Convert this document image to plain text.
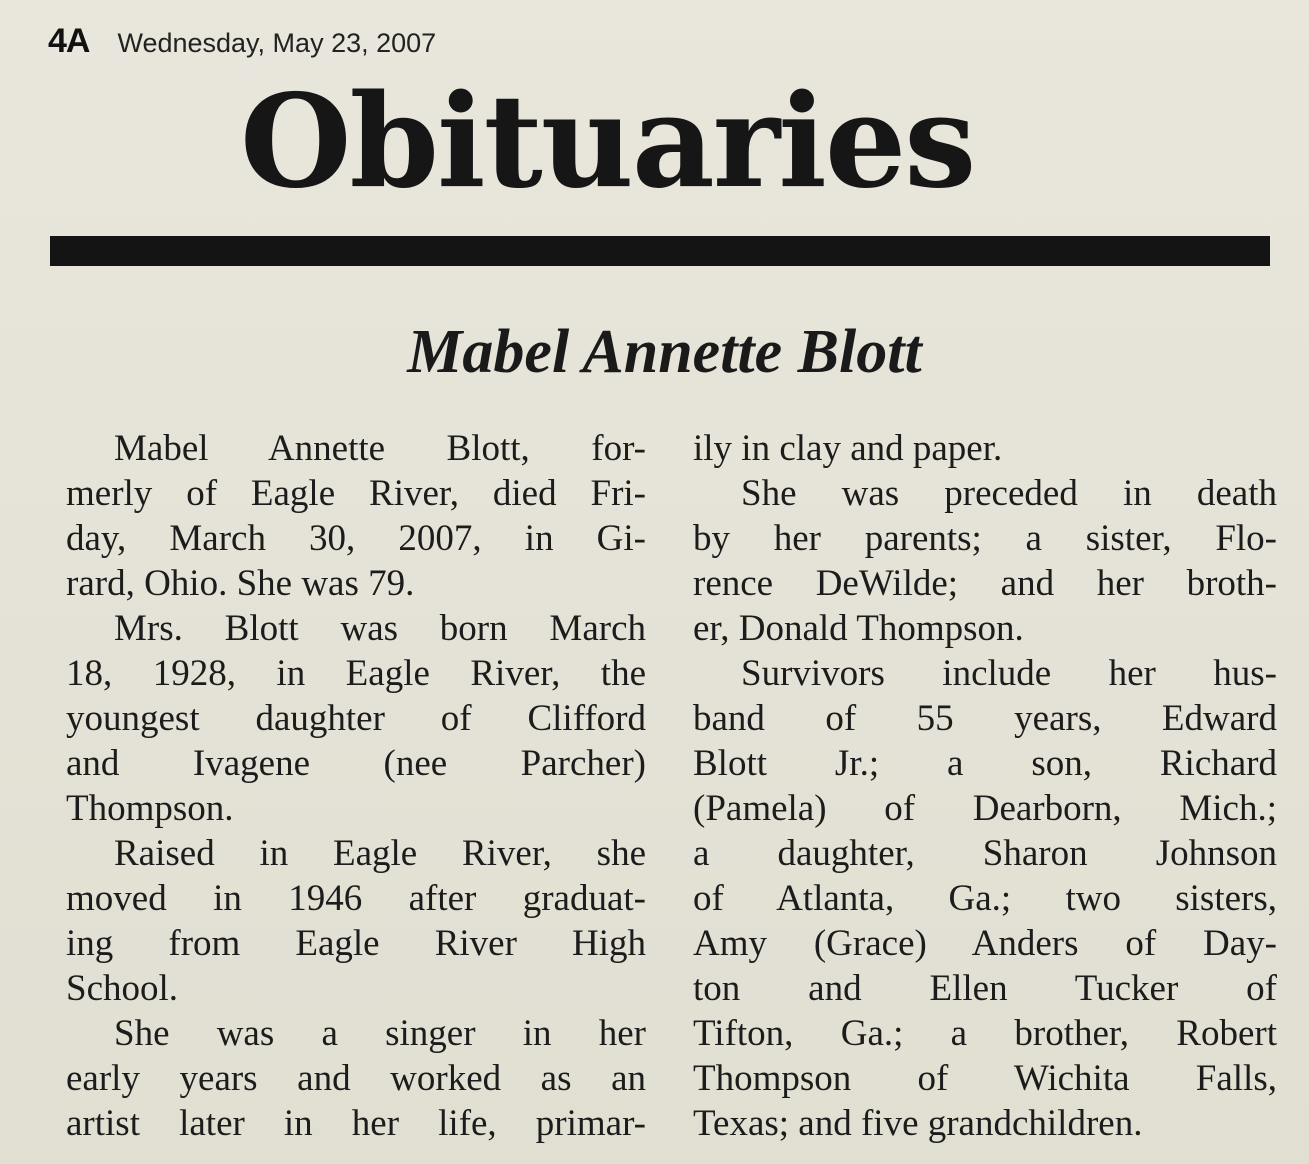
4A Wednesday, May 23, 2007
Obituaries
Mabel Annette Blott
Mabel Annette Blott, for-
merly of Eagle River, died Fri-
day, March 30, 2007, in Gi-
rard, Ohio. She was 79.
Mrs. Blott was born March
18, 1928, in Eagle River, the
youngest daughter of Clifford
and Ivagene (nee Parcher)
Thompson.
Raised in Eagle River, she
moved in 1946 after graduat-
ing from Eagle River High
School.
She was a singer in her
early years and worked as an
artist later in her life, primar-
ily in clay and paper.
She was preceded in death
by her parents; a sister, Flo-
rence DeWilde; and her broth-
er, Donald Thompson.
Survivors include her hus-
band of 55 years, Edward
Blott Jr.; a son, Richard
(Pamela) of Dearborn, Mich.;
a daughter, Sharon Johnson
of Atlanta, Ga.; two sisters,
Amy (Grace) Anders of Day-
ton and Ellen Tucker of
Tifton, Ga.; a brother, Robert
Thompson of Wichita Falls,
Texas; and five grandchildren.
